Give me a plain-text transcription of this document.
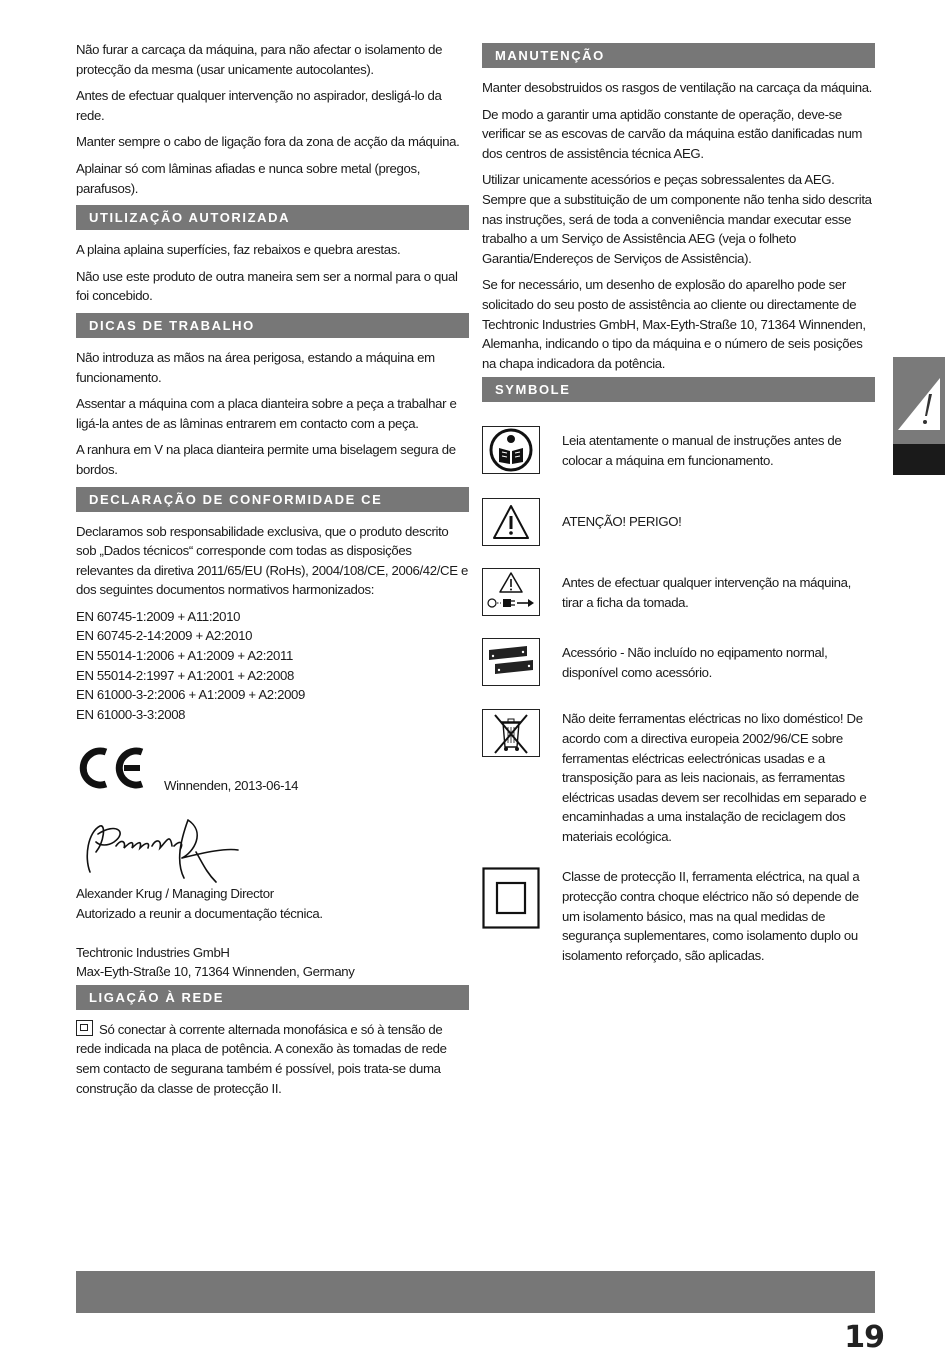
Não furar a carcaça da máquina, para não afectar o isolamento de protecção da mesma (usar unicamente autocolantes).

Antes de efectuar qualquer intervenção no aspirador, desligá-lo da rede.

Manter sempre o cabo de ligação fora da zona de acção da máquina.

Aplainar só com lâminas afiadas e nunca sobre metal (pregos, parafusos).

UTILIZAÇÃO AUTORIZADA

A plaina aplaina superfícies, faz rebaixos e quebra arestas.

Não use este produto de outra maneira sem ser a normal para o qual foi concebido.

DICAS DE TRABALHO

Não introduza as mãos na área perigosa, estando a máquina em funcionamento.

Assentar a máquina com a placa dianteira sobre a peça a trabalhar e ligá-la antes de as lâminas entrarem em contacto com a peça.

A ranhura em V na placa dianteira permite uma biselagem segura de bordos.

DECLARAÇÃO DE CONFORMIDADE CE

Declaramos sob responsabilidade exclusiva, que o produto descrito sob „Dados técnicos“ corresponde com todas as disposições relevantes da diretiva 2011/65/EU (RoHs), 2004/108/CE, 2006/42/CE e dos seguintes documentos normativos harmonizados:

EN 60745-1:2009 + A11:2010

EN 60745-2-14:2009 + A2:2010

EN 55014-1:2006 + A1:2009 + A2:2011

EN 55014-2:1997 + A1:2001 + A2:2008

EN 61000-3-2:2006 + A1:2009 + A2:2009

EN 61000-3-3:2008

Winnenden, 2013-06-14

Alexander Krug / Managing Director

Autorizado a reunir a documentação técnica.

Techtronic Industries GmbH

Max-Eyth-Straße 10, 71364 Winnenden, Germany

LIGAÇÃO À REDE

Só conectar à corrente alternada monofásica e só à tensão de rede indicada na placa de potência. A conexão às tomadas de rede sem contacto de segurana também é possível, pois trata-se duma construção da classe de protecção II.

MANUTENÇÃO

Manter desobstruidos os rasgos de ventilação na carcaça da máquina.

De modo a garantir uma aptidão constante de operação, deve-se verificar se as escovas de carvão da máquina estão danificadas num dos centros de assistência técnica AEG.

Utilizar unicamente acessórios e peças sobressalentes da AEG. Sempre que a substituição de um componente não tenha sido descrita nas instruções, será de toda a conveniência mandar executar esse trabalho a um Serviço de Assistência AEG (veja o folheto Garantia/Endereços de Serviços de Assistência).

Se for necessário, um desenho de explosão do aparelho pode ser solicitado do seu posto de assistência ao cliente ou directamente de Techtronic Industries GmbH, Max-Eyth-Straße 10, 71364 Winnenden, Alemanha, indicando o tipo da máquina e o número de seis posições na chapa indicadora da potência.

SYMBOLE

Leia atentamente o manual de instruções antes de colocar a máquina em funcionamento.

ATENÇÃO! PERIGO!

Antes de efectuar qualquer intervenção na máquina, tirar a ficha da tomada.

Acessório - Não incluído no eqipamento normal, disponível como acessório.

Não deite ferramentas eléctricas no lixo doméstico! De acordo com a directiva europeia 2002/96/CE sobre ferramentas eléctricas eelectrónicas usadas e a transposição para as leis nacionais, as ferramentas eléctricas usadas devem ser recolhidas em separado e encaminhadas a uma instalação de reciclagem dos materiais ecológica.

Classe de protecção II, ferramenta eléctrica, na qual a protecção contra choque eléctrico não só depende de um isolamento básico, mas na qual medidas de segurança suplementares, como isolamento duplo ou isolamento reforçado, são aplicadas.

19
